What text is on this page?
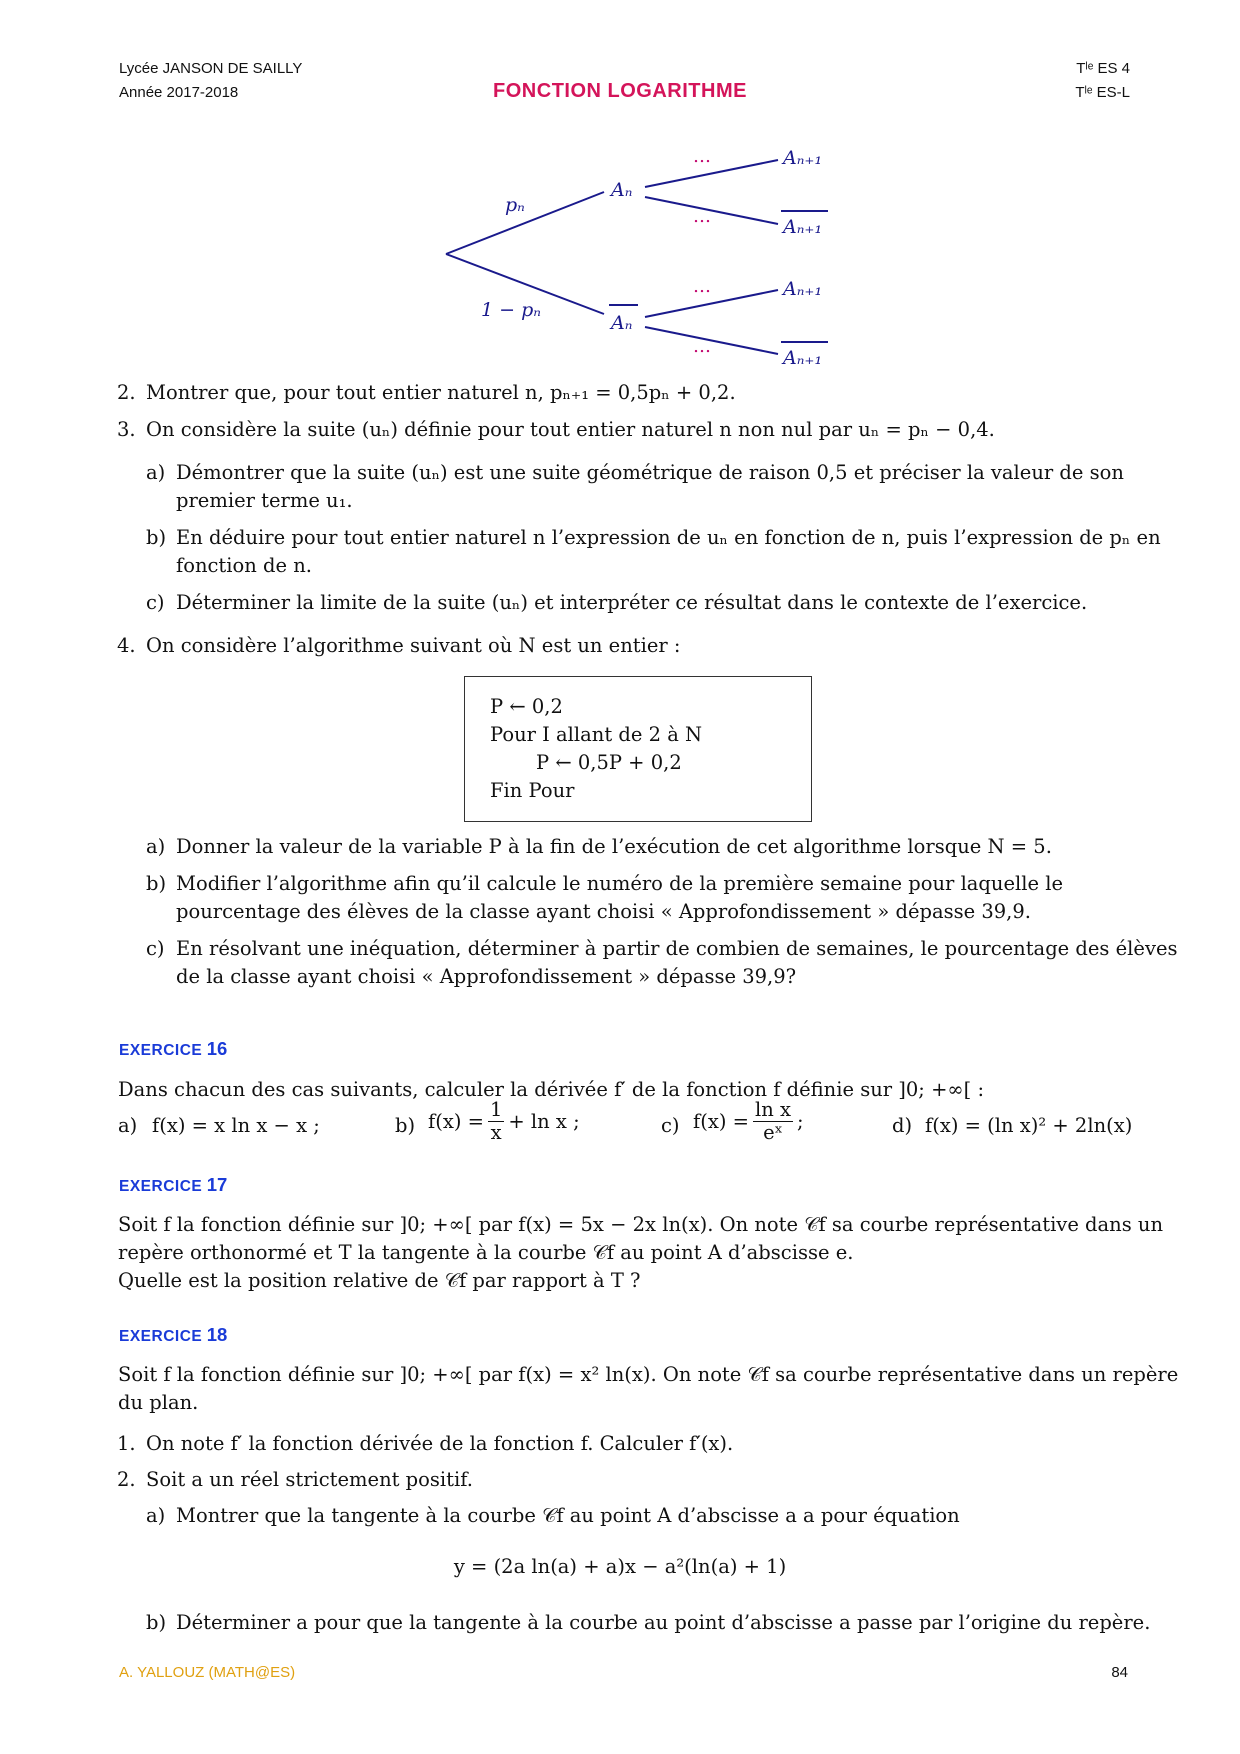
Lycée JANSON DE SAILLY
Année 2017-2018	FONCTION LOGARITHME
Tˡᵉ ES 4
Tˡᵉ ES-L
pₙ
1 − pₙ
Aₙ
Aₙ
Aₙ₊₁
Aₙ₊₁
Aₙ₊₁
Aₙ₊₁
…
…
…
…
2. Montrer que, pour tout entier naturel n, pₙ₊₁ = 0,5pₙ + 0,2.
3. On considère la suite (uₙ) définie pour tout entier naturel n non nul par uₙ = pₙ − 0,4.
a) Démontrer que la suite (uₙ) est une suite géométrique de raison 0,5 et préciser la valeur de son
premier terme u₁.
b) En déduire pour tout entier naturel n l’expression de uₙ en fonction de n, puis l’expression de pₙ en
fonction de n.
c) Déterminer la limite de la suite (uₙ) et interpréter ce résultat dans le contexte de l’exercice.
4. On considère l’algorithme suivant où N est un entier :
P ← 0,2
Pour I allant de 2 à N
P ← 0,5P + 0,2
Fin Pour
a) Donner la valeur de la variable P à la fin de l’exécution de cet algorithme lorsque N = 5.
b) Modifier l’algorithme afin qu’il calcule le numéro de la première semaine pour laquelle le
pourcentage des élèves de la classe ayant choisi « Approfondissement » dépasse 39,9.
c) En résolvant une inéquation, déterminer à partir de combien de semaines, le pourcentage des élèves
de la classe ayant choisi « Approfondissement » dépasse 39,9?
EXERCICE 16
Dans chacun des cas suivants, calculer la dérivée f′ de la fonction f définie sur ]0; +∞[ :
a) f(x) = x ln x − x ;	b) $f(x) = \frac{1}{x} + \ln x$ ;	c) $f(x) = \frac{\text{ln x}}{\text{eˣ}}$ ;	d) f(x) = (ln x)² + 2ln(x)
EXERCICE 17
Soit f la fonction définie sur ]0; +∞[ par f(x) = 5x − 2x ln(x). On note 𝒞f sa courbe représentative dans un
repère orthonormé et T la tangente à la courbe 𝒞f au point A d’abscisse e.
Quelle est la position relative de 𝒞f par rapport à T ?
EXERCICE 18
Soit f la fonction définie sur ]0; +∞[ par f(x) = x² ln(x). On note 𝒞f sa courbe représentative dans un repère
du plan.
1. On note f′ la fonction dérivée de la fonction f. Calculer f′(x).
2. Soit a un réel strictement positif.
a) Montrer que la tangente à la courbe 𝒞f au point A d’abscisse a a pour équation
y = (2a ln(a) + a)x − a²(ln(a) + 1)
b) Déterminer a pour que la tangente à la courbe au point d’abscisse a passe par l’origine du repère.
A. YALLOUZ (MATH@ES)	84
